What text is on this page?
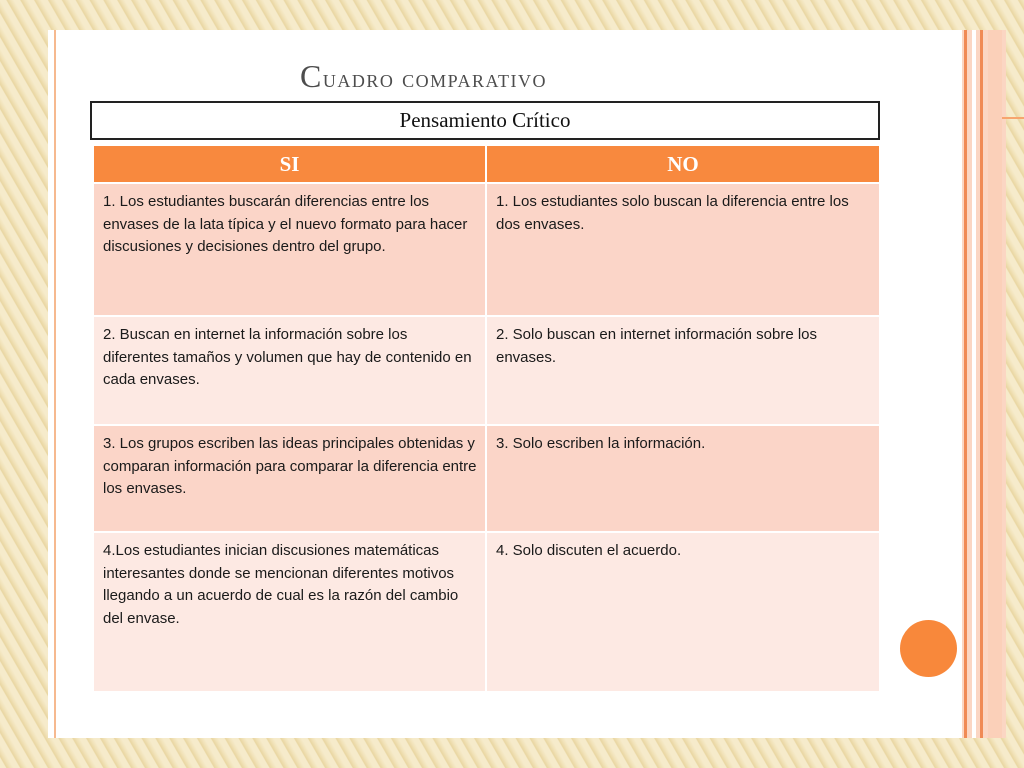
Cuadro comparativo
Pensamiento Crítico
SI	NO
1. Los estudiantes buscarán diferencias entre los envases de la lata típica y el nuevo formato para hacer discusiones y decisiones dentro del grupo.	1. Los estudiantes solo buscan la diferencia entre los dos envases.
2. Buscan en internet la información sobre los diferentes tamaños y volumen que hay de contenido en cada envases.	2. Solo buscan en internet información sobre los envases.
3. Los grupos escriben las ideas principales obtenidas y comparan información para comparar la diferencia entre los envases.	3. Solo escriben la información.
4.Los estudiantes inician discusiones matemáticas interesantes donde se mencionan diferentes motivos llegando a un acuerdo de cual es la razón del cambio del envase.	4. Solo discuten el acuerdo.
